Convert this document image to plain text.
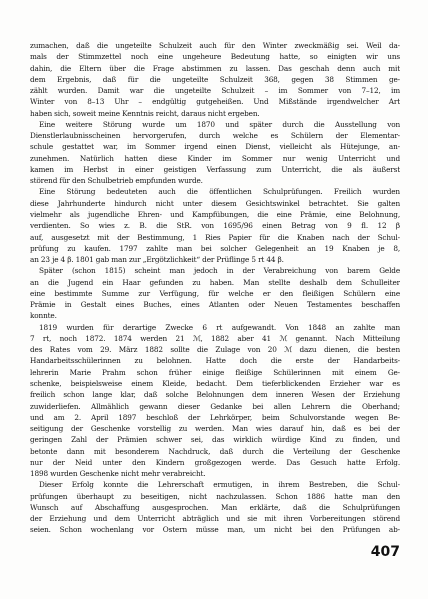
zumachen, daß die ungeteilte Schulzeit auch für den Winter zweckmäßig sei. Weil da-
mals der Stimmzettel noch eine ungeheure Bedeutung hatte, so einigten wir uns
dahin, die Eltern über die Frage abstimmen zu lassen. Das geschah denn auch mit
dem Ergebnis, daß für die ungeteilte Schulzeit 368, gegen 38 Stimmen ge-
zählt wurden. Damit war die ungeteilte Schulzeit – im Sommer von 7–12, im
Winter von 8–13 Uhr – endgültig gutgeheißen. Und Mißstände irgendwelcher Art
haben sich, soweit meine Kenntnis reicht, daraus nicht ergeben.
Eine weitere Störung wurde um 1870 und später durch die Ausstellung von
Dienstlerlaubnisscheinen hervorgerufen, durch welche es Schülern der Elementar-
schule gestattet war, im Sommer irgend einen Dienst, vielleicht als Hütejunge, an-
zunehmen. Natürlich hatten diese Kinder im Sommer nur wenig Unterricht und
kamen im Herbst in einer geistigen Verfassung zum Unterricht, die als äußerst
störend für den Schulbetrieb empfunden wurde.
Eine Störung bedeuteten auch die öffentlichen Schulprüfungen. Freilich wurden
diese Jahrhunderte hindurch nicht unter diesem Gesichtswinkel betrachtet. Sie galten
vielmehr als jugendliche Ehren- und Kampfübungen, die eine Prämie, eine Belohnung,
verdienten. So wies z. B. die StR. von 1695/96 einen Betrag von 9 fl. 12 β
auf, ausgesetzt mit der Bestimmung, 1 Ries Papier für die Knaben nach der Schul-
prüfung zu kaufen. 1797 zahlte man bei solcher Gelegenheit an 19 Knaben je 8,
an 23 je 4 β. 1801 gab man zur „Ergötzlichkeit“ der Prüflinge 5 rt 44 β.
Später (schon 1815) scheint man jedoch in der Verabreichung von barem Gelde
an die Jugend ein Haar gefunden zu haben. Man stellte deshalb dem Schulleiter
eine bestimmte Summe zur Verfügung, für welche er den fleißigen Schülern eine
Prämie in Gestalt eines Buches, eines Atlanten oder Neuen Testamentes beschaffen
konnte.
1819 wurden für derartige Zwecke 6 rt aufgewandt. Von 1848 an zahlte man
7 rt, noch 1872. 1874 werden 21 ℳ, 1882 aber 41 ℳ genannt. Nach Mitteilung
des Rates vom 29. März 1882 sollte die Zulage von 20 ℳ dazu dienen, die besten
Handarbeitsschülerinnen zu belohnen. Hatte doch die erste der Handarbeits-
lehrerin Marie Prahm schon früher einige fleißige Schülerinnen mit einem Ge-
schenke, beispielsweise einem Kleide, bedacht. Dem tieferblickenden Erzieher war es
freilich schon lange klar, daß solche Belohnungen dem inneren Wesen der Erziehung
zuwiderliefen. Allmählich gewann dieser Gedanke bei allen Lehrern die Oberhand;
und am 2. April 1897 beschloß der Lehrkörper, beim Schulvorstande wegen Be-
seitigung der Geschenke vorstellig zu werden. Man wies darauf hin, daß es bei der
geringen Zahl der Prämien schwer sei, das wirklich würdige Kind zu finden, und
betonte dann mit besonderem Nachdruck, daß durch die Verteilung der Geschenke
nur der Neid unter den Kindern großgezogen werde. Das Gesuch hatte Erfolg.
1898 wurden Geschenke nicht mehr verabreicht.
Dieser Erfolg konnte die Lehrerschaft ermutigen, in ihrem Bestreben, die Schul-
prüfungen überhaupt zu beseitigen, nicht nachzulassen. Schon 1886 hatte man den
Wunsch auf Abschaffung ausgesprochen. Man erklärte, daß die Schulprüfungen
der Erziehung und dem Unterricht abträglich und sie mit ihren Vorbereitungen störend
seien. Schon wochenlang vor Ostern müsse man, um nicht bei den Prüfungen ab-
407
